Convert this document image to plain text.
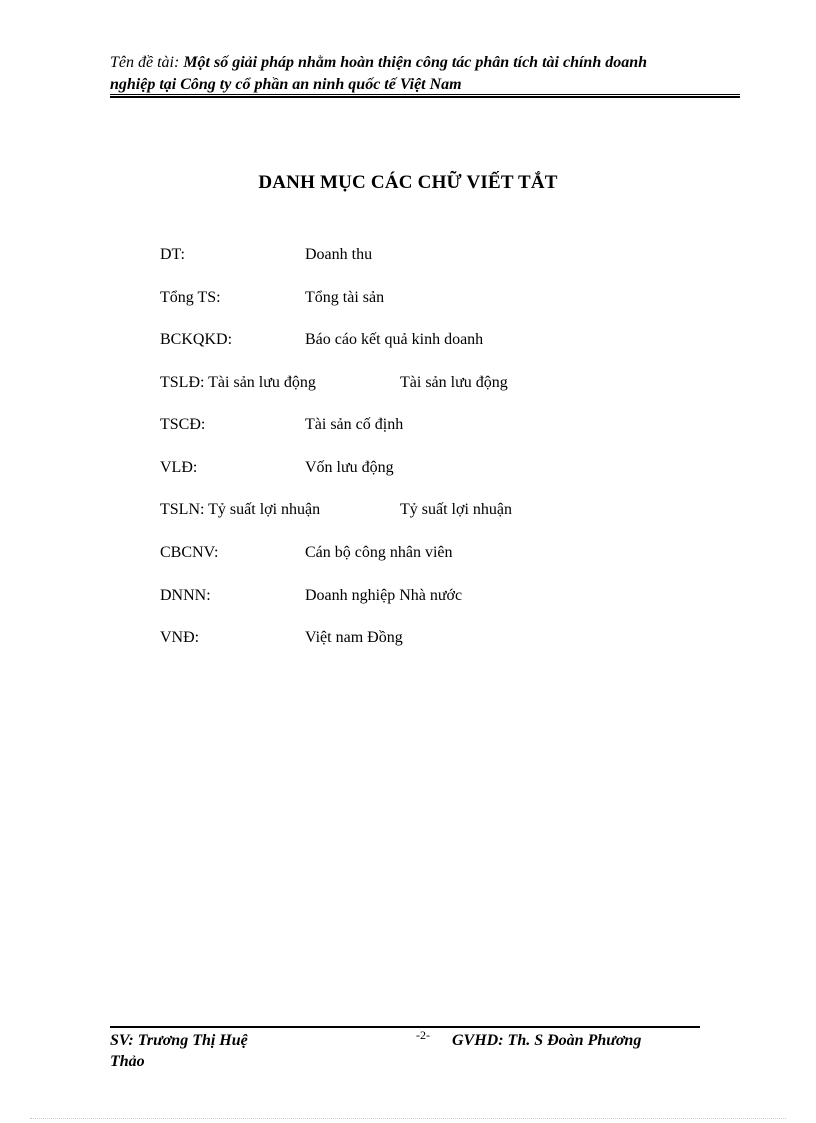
Tên đề tài: Một số giải pháp nhằm hoàn thiện công tác phân tích tài chính doanh
nghiệp tại Công ty cổ phần an ninh quốc tế Việt Nam
DANH MỤC CÁC CHỮ VIẾT TẮT
DT:	Doanh thu
Tổng TS:	Tổng tài sản
BCKQKD:	Báo cáo kết quả kinh doanh
TSLĐ: Tài sản lưu động	Tài sản lưu động
TSCĐ:	Tài sản cố định
VLĐ:	Vốn lưu động
TSLN: Tỷ suất lợi nhuận	Tỷ suất lợi nhuận
CBCNV:	Cán bộ công nhân viên
DNNN:	Doanh nghiệp Nhà nước
VNĐ:	Việt nam Đồng
SV: Trương Thị Huệ
Thảo
-2- GVHD: Th. S Đoàn Phương
